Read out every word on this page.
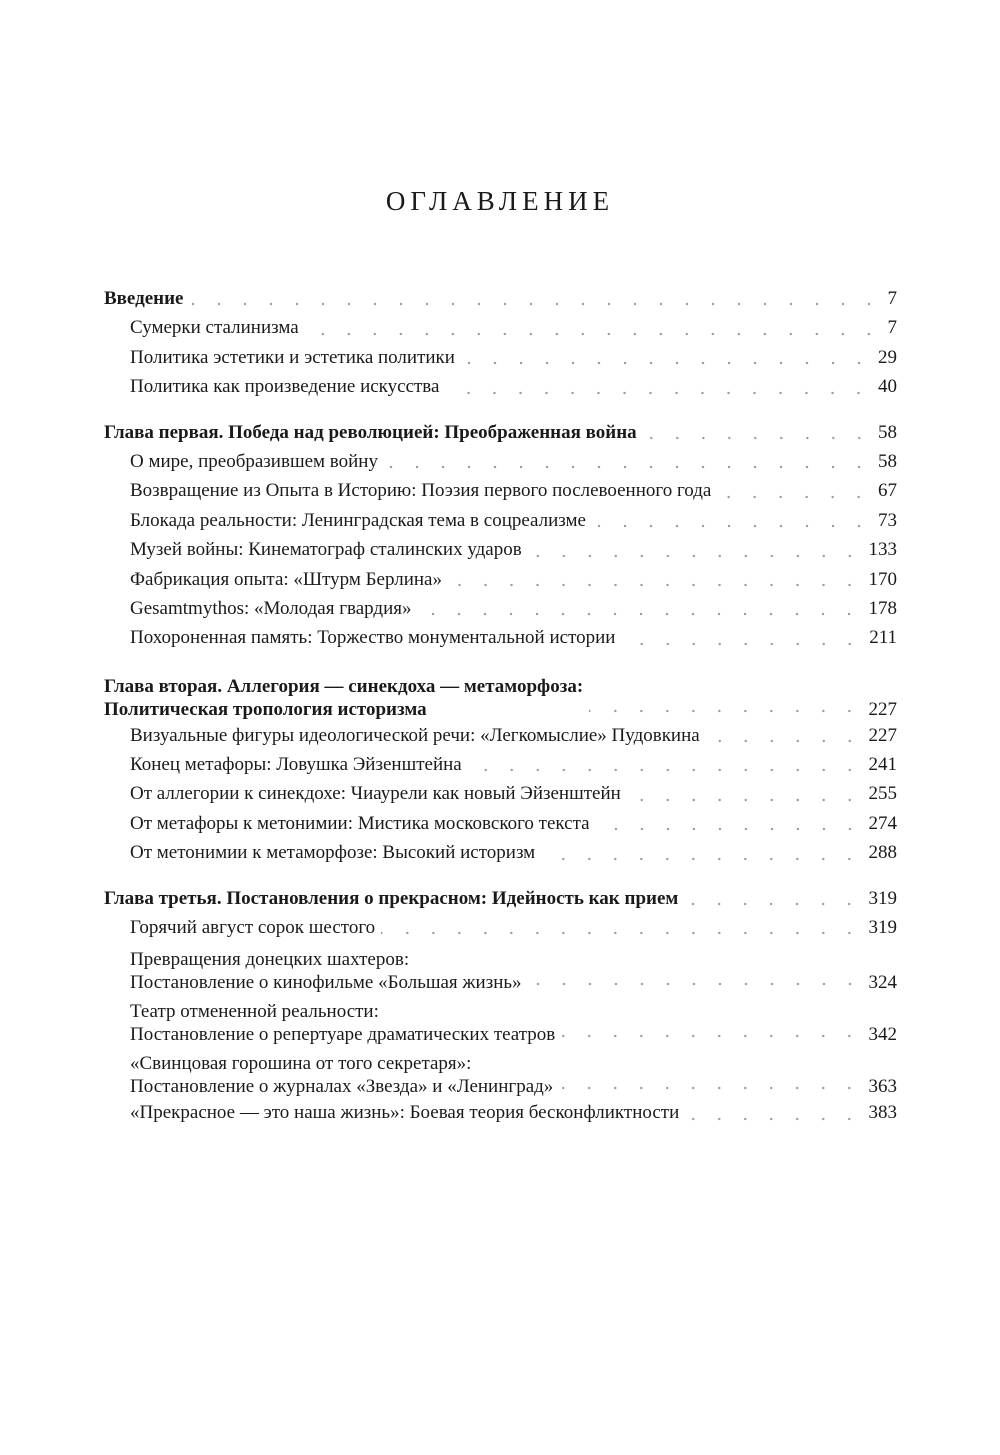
ОГЛАВЛЕНИЕ
Введение	7
Сумерки сталинизма	7
Политика эстетики и эстетика политики	29
Политика как произведение искусства	40
Глава первая. Победа над революцией: Преображенная война	58
О мире, преобразившем войну	58
Возвращение из Опыта в Историю: Поэзия первого послевоенного года	67
Блокада реальности: Ленинградская тема в соцреализме	73
Музей войны: Кинематограф сталинских ударов	133
Фабрикация опыта: «Штурм Берлина»	170
Gesamtmythos: «Молодая гвардия»	178
Похороненная память: Торжество монументальной истории	211
Глава вторая. Аллегория — синекдоха — метаморфоза:
Политическая тропология историзма	227
Визуальные фигуры идеологической речи: «Легкомыслие» Пудовкина	227
Конец метафоры: Ловушка Эйзенштейна	241
От аллегории к синекдохе: Чиаурели как новый Эйзенштейн	255
От метафоры к метонимии: Мистика московского текста	274
От метонимии к метаморфозе: Высокий историзм	288
Глава третья. Постановления о прекрасном: Идейность как прием	319
Горячий август сорок шестого	319
Превращения донецких шахтеров:
Постановление о кинофильме «Большая жизнь»	324
Театр отмененной реальности:
Постановление о репертуаре драматических театров	342
«Свинцовая горошина от того секретаря»:
Постановление о журналах «Звезда» и «Ленинград»	363
«Прекрасное — это наша жизнь»: Боевая теория бесконфликтности	383
